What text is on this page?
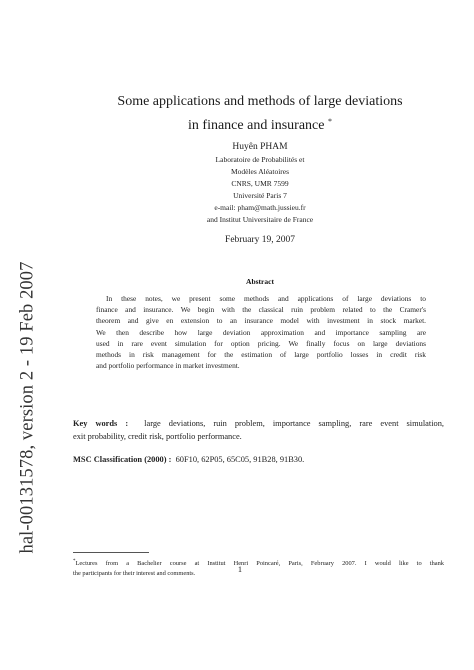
hal-00131578, version 2 - 19 Feb 2007
Some applications and methods of large deviations
in finance and insurance *
Huyên PHAM
Laboratoire de Probabilités et
Modèles Aléatoires
CNRS, UMR 7599
Université Paris 7
e-mail: pham@math.jussieu.fr
and Institut Universitaire de France
February 19, 2007
Abstract
In these notes, we present some methods and applications of large deviations to
finance and insurance. We begin with the classical ruin problem related to the Cramer's
theorem and give en extension to an insurance model with investment in stock market.
We then describe how large deviation approximation and importance sampling are
used in rare event simulation for option pricing. We finally focus on large deviations
methods in risk management for the estimation of large portfolio losses in credit risk
and portfolio performance in market investment.
Key words : large deviations, ruin problem, importance sampling, rare event simulation,
exit probability, credit risk, portfolio performance.
MSC Classification (2000) : 60F10, 62P05, 65C05, 91B28, 91B30.
*Lectures from a Bachelier course at Institut Henri Poincaré, Paris, February 2007. I would like to thank
the participants for their interest and comments.	1
